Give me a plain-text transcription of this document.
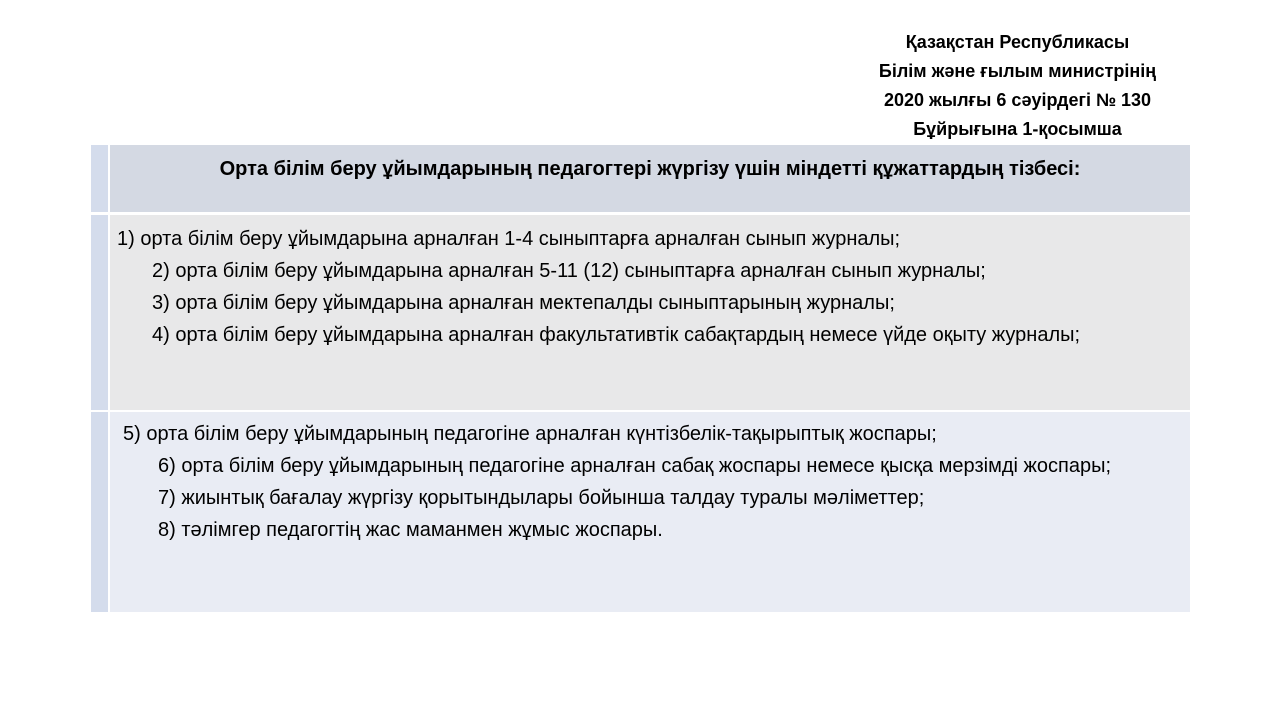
Қазақстан Республикасы
Білім және ғылым министрінің
2020 жылғы 6 сәуірдегі № 130
Бұйрығына 1-қосымша
Орта білім беру ұйымдарының педагогтері жүргізу үшін міндетті құжаттардың тізбесі:
1) орта білім беру ұйымдарына арналған 1-4 сыныптарға арналған сынып журналы;
2) орта білім беру ұйымдарына арналған 5-11 (12) сыныптарға арналған сынып журналы;
3) орта білім беру ұйымдарына арналған мектепалды сыныптарының журналы;
4) орта білім беру ұйымдарына арналған факультативтік сабақтардың немесе үйде оқыту журналы;
5) орта білім беру ұйымдарының педагогіне арналған күнтізбелік-тақырыптық жоспары;
6) орта білім беру ұйымдарының педагогіне арналған сабақ жоспары немесе қысқа мерзімді жоспары;
7) жиынтық бағалау жүргізу қорытындылары бойынша талдау туралы мәліметтер;
8) тәлімгер педагогтің жас маманмен жұмыс жоспары.
